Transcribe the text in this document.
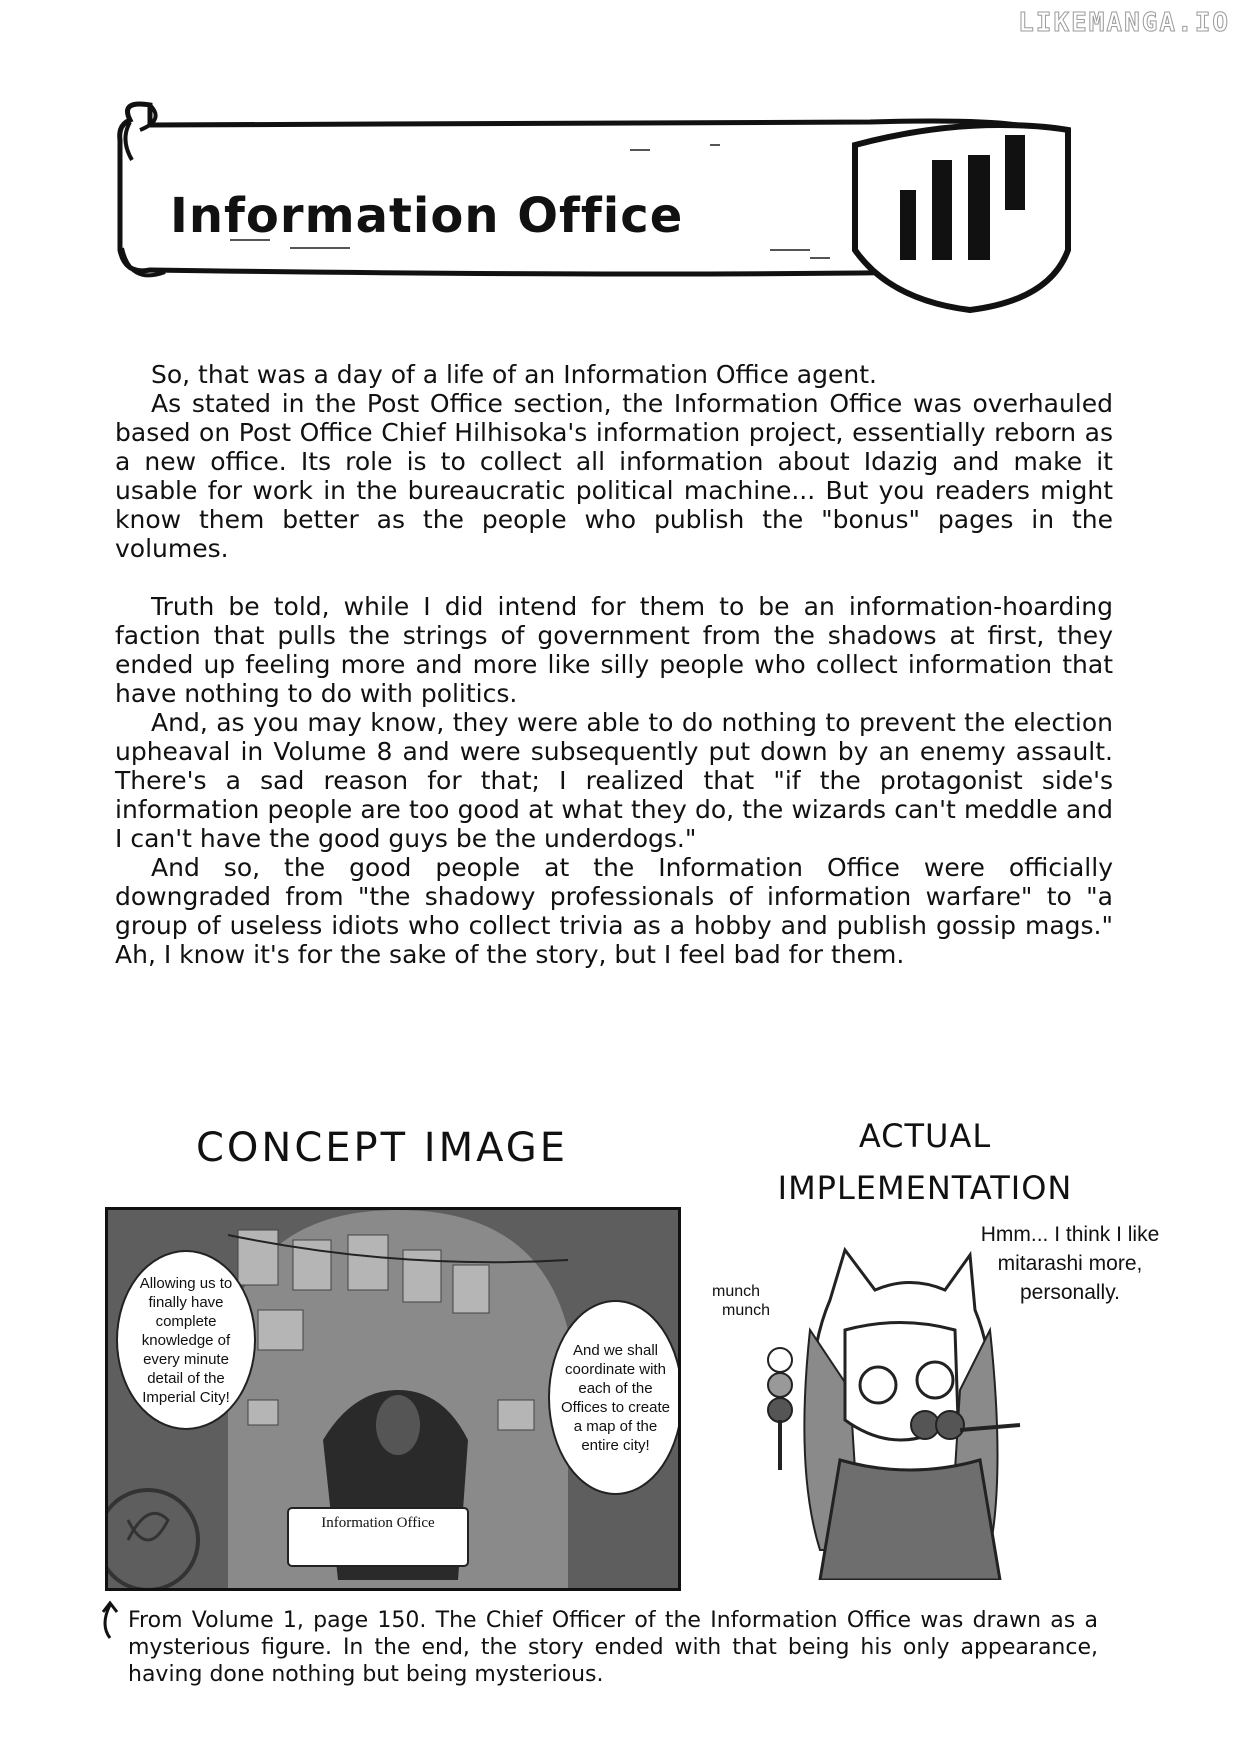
LIKEMANGA.IO
Information Office

So, that was a day of a life of an Information Office agent.

As stated in the Post Office section, the Information Office was overhauled based on Post Office Chief Hilhisoka's information project, essentially reborn as a new office. Its role is to collect all information about Idazig and make it usable for work in the bureaucratic political machine... But you readers might know them better as the people who publish the "bonus" pages in the volumes.

Truth be told, while I did intend for them to be an information-hoarding faction that pulls the strings of government from the shadows at first, they ended up feeling more and more like silly people who collect information that have nothing to do with politics.

And, as you may know, they were able to do nothing to prevent the election upheaval in Volume 8 and were subsequently put down by an enemy assault. There's a sad reason for that; I realized that "if the protagonist side's information people are too good at what they do, the wizards can't meddle and I can't have the good guys be the underdogs."

And so, the good people at the Information Office were officially downgraded from "the shadowy professionals of information warfare" to "a group of useless idiots who collect trivia as a hobby and publish gossip mags." Ah, I know it's for the sake of the story, but I feel bad for them.

CONCEPT IMAGE	ACTUAL
IMPLEMENTATION
Allowing us to finally have complete knowledge of every minute detail of the Imperial City!
And we shall coordinate with each of the Offices to create a map of the entire city!
Information Office
munch
munch
Hmm... I think I like mitarashi more, personally.
From Volume 1, page 150. The Chief Officer of the Information Office was drawn as a mysterious figure. In the end, the story ended with that being his only appearance, having done nothing but being mysterious.
